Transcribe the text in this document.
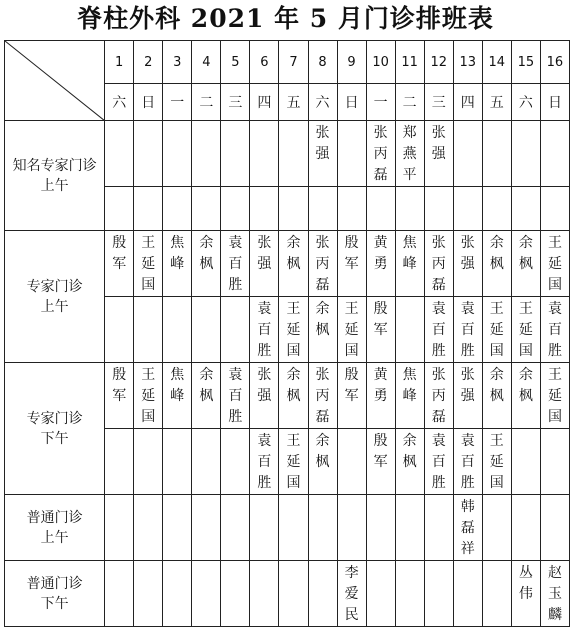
脊柱外科 2021 年 5 月门诊排班表
	1	2	3	4	5	6	7	8	9	10	11	12	13	14	15	16
	六	日	一	二	三	四	五	六	日	一	二	三	四	五	六	日

知名专家门诊
上午								张强		张丙磊	郑燕平	张强				

专家门诊
上午	殷军	王延国	焦峰	余枫	袁百胜	张强	余枫	张丙磊	殷军	黄勇	焦峰	张丙磊	张强	余枫	余枫	王延国

						袁百胜	王延国	余枫	王延国	殷军		袁百胜	袁百胜	王延国	王延国	袁百胜

专家门诊
下午	殷军	王延国	焦峰	余枫	袁百胜	张强	余枫	张丙磊	殷军	黄勇	焦峰	张丙磊	张强	余枫	余枫	王延国

						袁百胜	王延国	余枫		殷军	余枫	袁百胜	袁百胜	王延国		

普通门诊
上午													韩磊祥			

普通门诊
下午									李爱民						丛伟	赵玉麟
